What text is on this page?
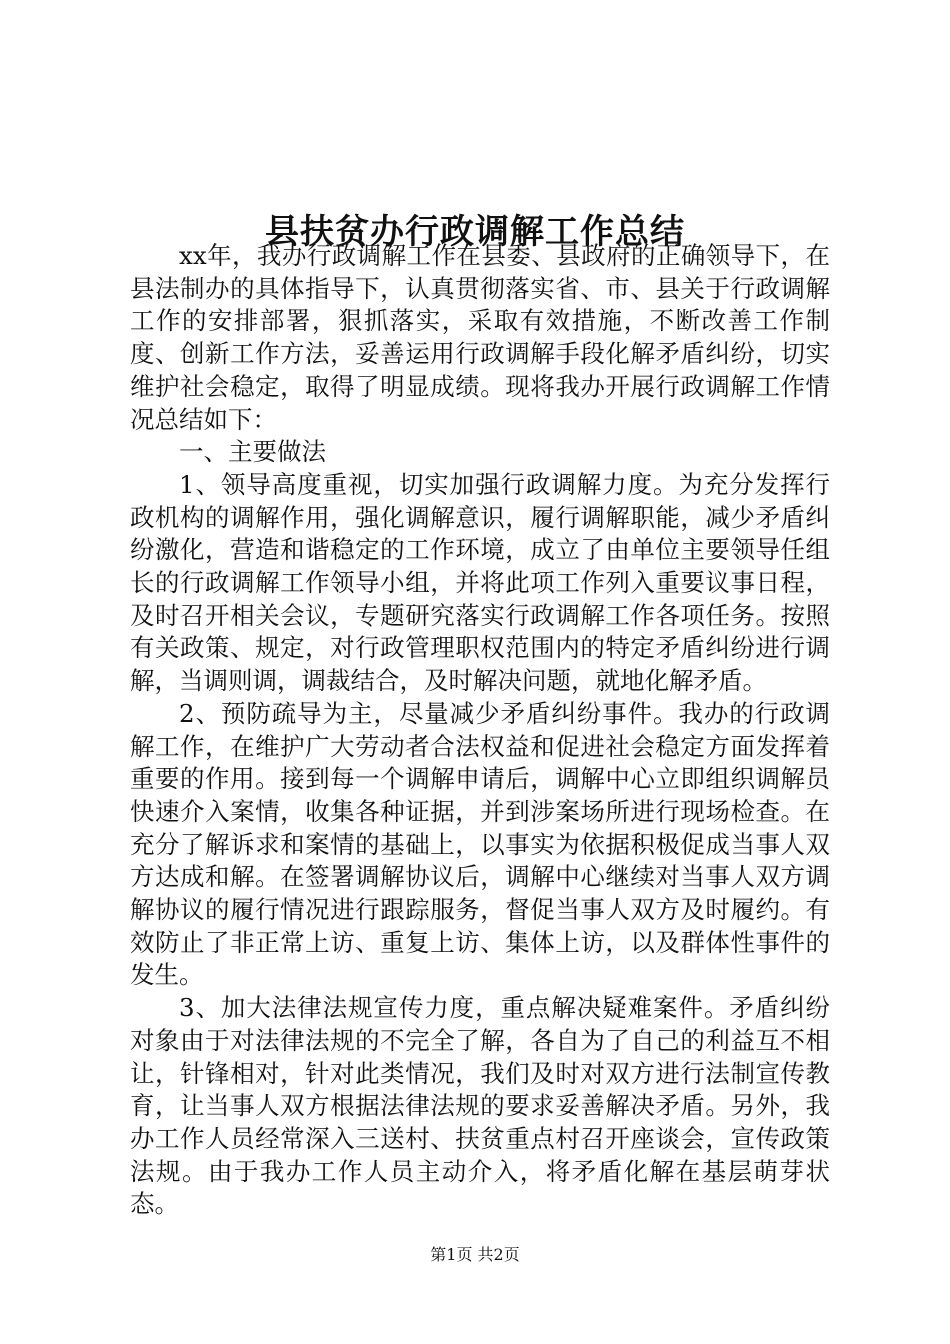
县扶贫办行政调解工作总结

xx年，我办行政调解工作在县委、县政府的正确领导下，在县法制办的具体指导下，认真贯彻落实省、市、县关于行政调解工作的安排部署，狠抓落实，采取有效措施，不断改善工作制度、创新工作方法，妥善运用行政调解手段化解矛盾纠纷，切实维护社会稳定，取得了明显成绩。现将我办开展行政调解工作情况总结如下：

一、主要做法

1、领导高度重视，切实加强行政调解力度。为充分发挥行政机构的调解作用，强化调解意识，履行调解职能，减少矛盾纠纷激化，营造和谐稳定的工作环境，成立了由单位主要领导任组长的行政调解工作领导小组，并将此项工作列入重要议事日程，及时召开相关会议，专题研究落实行政调解工作各项任务。按照有关政策、规定，对行政管理职权范围内的特定矛盾纠纷进行调解，当调则调，调裁结合，及时解决问题，就地化解矛盾。

2、预防疏导为主，尽量减少矛盾纠纷事件。我办的行政调解工作，在维护广大劳动者合法权益和促进社会稳定方面发挥着重要的作用。接到每一个调解申请后，调解中心立即组织调解员快速介入案情，收集各种证据，并到涉案场所进行现场检查。在充分了解诉求和案情的基础上，以事实为依据积极促成当事人双方达成和解。在签署调解协议后，调解中心继续对当事人双方调解协议的履行情况进行跟踪服务，督促当事人双方及时履约。有效防止了非正常上访、重复上访、集体上访，以及群体性事件的发生。

3、加大法律法规宣传力度，重点解决疑难案件。矛盾纠纷对象由于对法律法规的不完全了解，各自为了自己的利益互不相让，针锋相对，针对此类情况，我们及时对双方进行法制宣传教育，让当事人双方根据法律法规的要求妥善解决矛盾。另外，我办工作人员经常深入三送村、扶贫重点村召开座谈会，宣传政策法规。由于我办工作人员主动介入，将矛盾化解在基层萌芽状态。

第1页 共2页
